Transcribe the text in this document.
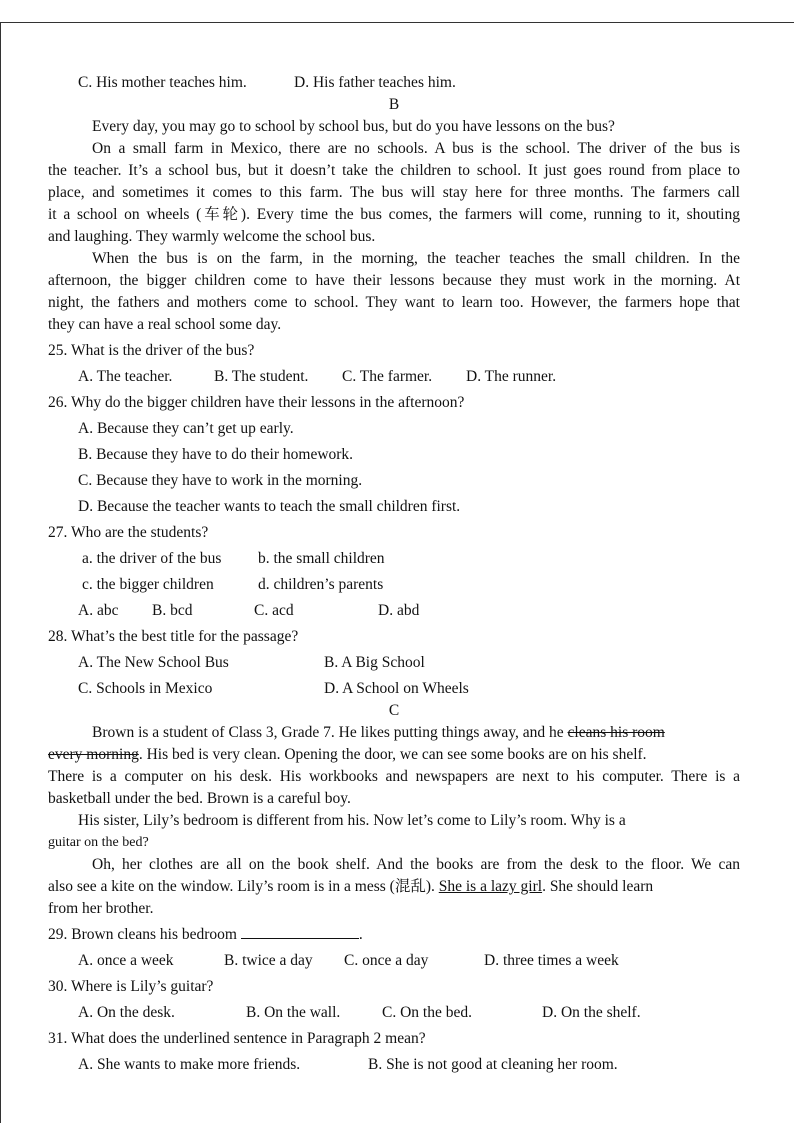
C. His mother teaches him.	D. His father teaches him.
B
Every day, you may go to school by school bus, but do you have lessons on the bus?
On a small farm in Mexico, there are no schools. A bus is the school. The driver of the bus is
the teacher. It’s a school bus, but it doesn’t take the children to school. It just goes round from place to
place, and sometimes it comes to this farm. The bus will stay here for three months. The farmers call
it a school on wheels (车轮). Every time the bus comes, the farmers will come, running to it, shouting
and laughing. They warmly welcome the school bus.
When the bus is on the farm, in the morning, the teacher teaches the small children. In the
afternoon, the bigger children come to have their lessons because they must work in the morning. At
night, the fathers and mothers come to school. They want to learn too. However, the farmers hope that
they can have a real school some day.
25. What is the driver of the bus?
A. The teacher.	B. The student.	C. The farmer.	D. The runner.
26. Why do the bigger children have their lessons in the afternoon?
A. Because they can’t get up early.
B. Because they have to do their homework.
C. Because they have to work in the morning.
D. Because the teacher wants to teach the small children first.
27. Who are the students?
a. the driver of the bus	b. the small children
c. the bigger children	d. children’s parents
A. abc	B. bcd	C. acd	D. abd
28. What’s the best title for the passage?
A. The New School Bus	B. A Big School
C. Schools in Mexico	D. A School on Wheels
C
Brown is a student of Class 3, Grade 7. He likes putting things away, and he cleans his room
every morning. His bed is very clean. Opening the door, we can see some books are on his shelf.
There is a computer on his desk. His workbooks and newspapers are next to his computer. There is a
basketball under the bed. Brown is a careful boy.
His sister, Lily’s bedroom is different from his. Now let’s come to Lily’s room. Why is a
guitar on the bed?
Oh, her clothes are all on the book shelf. And the books are from the desk to the floor. We can
also see a kite on the window. Lily’s room is in a mess (混乱). She is a lazy girl. She should learn
from her brother.
29. Brown cleans his bedroom	.
A. once a week	B. twice a day	C. once a day	D. three times a week
30. Where is Lily’s guitar?
A. On the desk.	B. On the wall.	C. On the bed.	D. On the shelf.
31. What does the underlined sentence in Paragraph 2 mean?
A. She wants to make more friends.	B. She is not good at cleaning her room.
